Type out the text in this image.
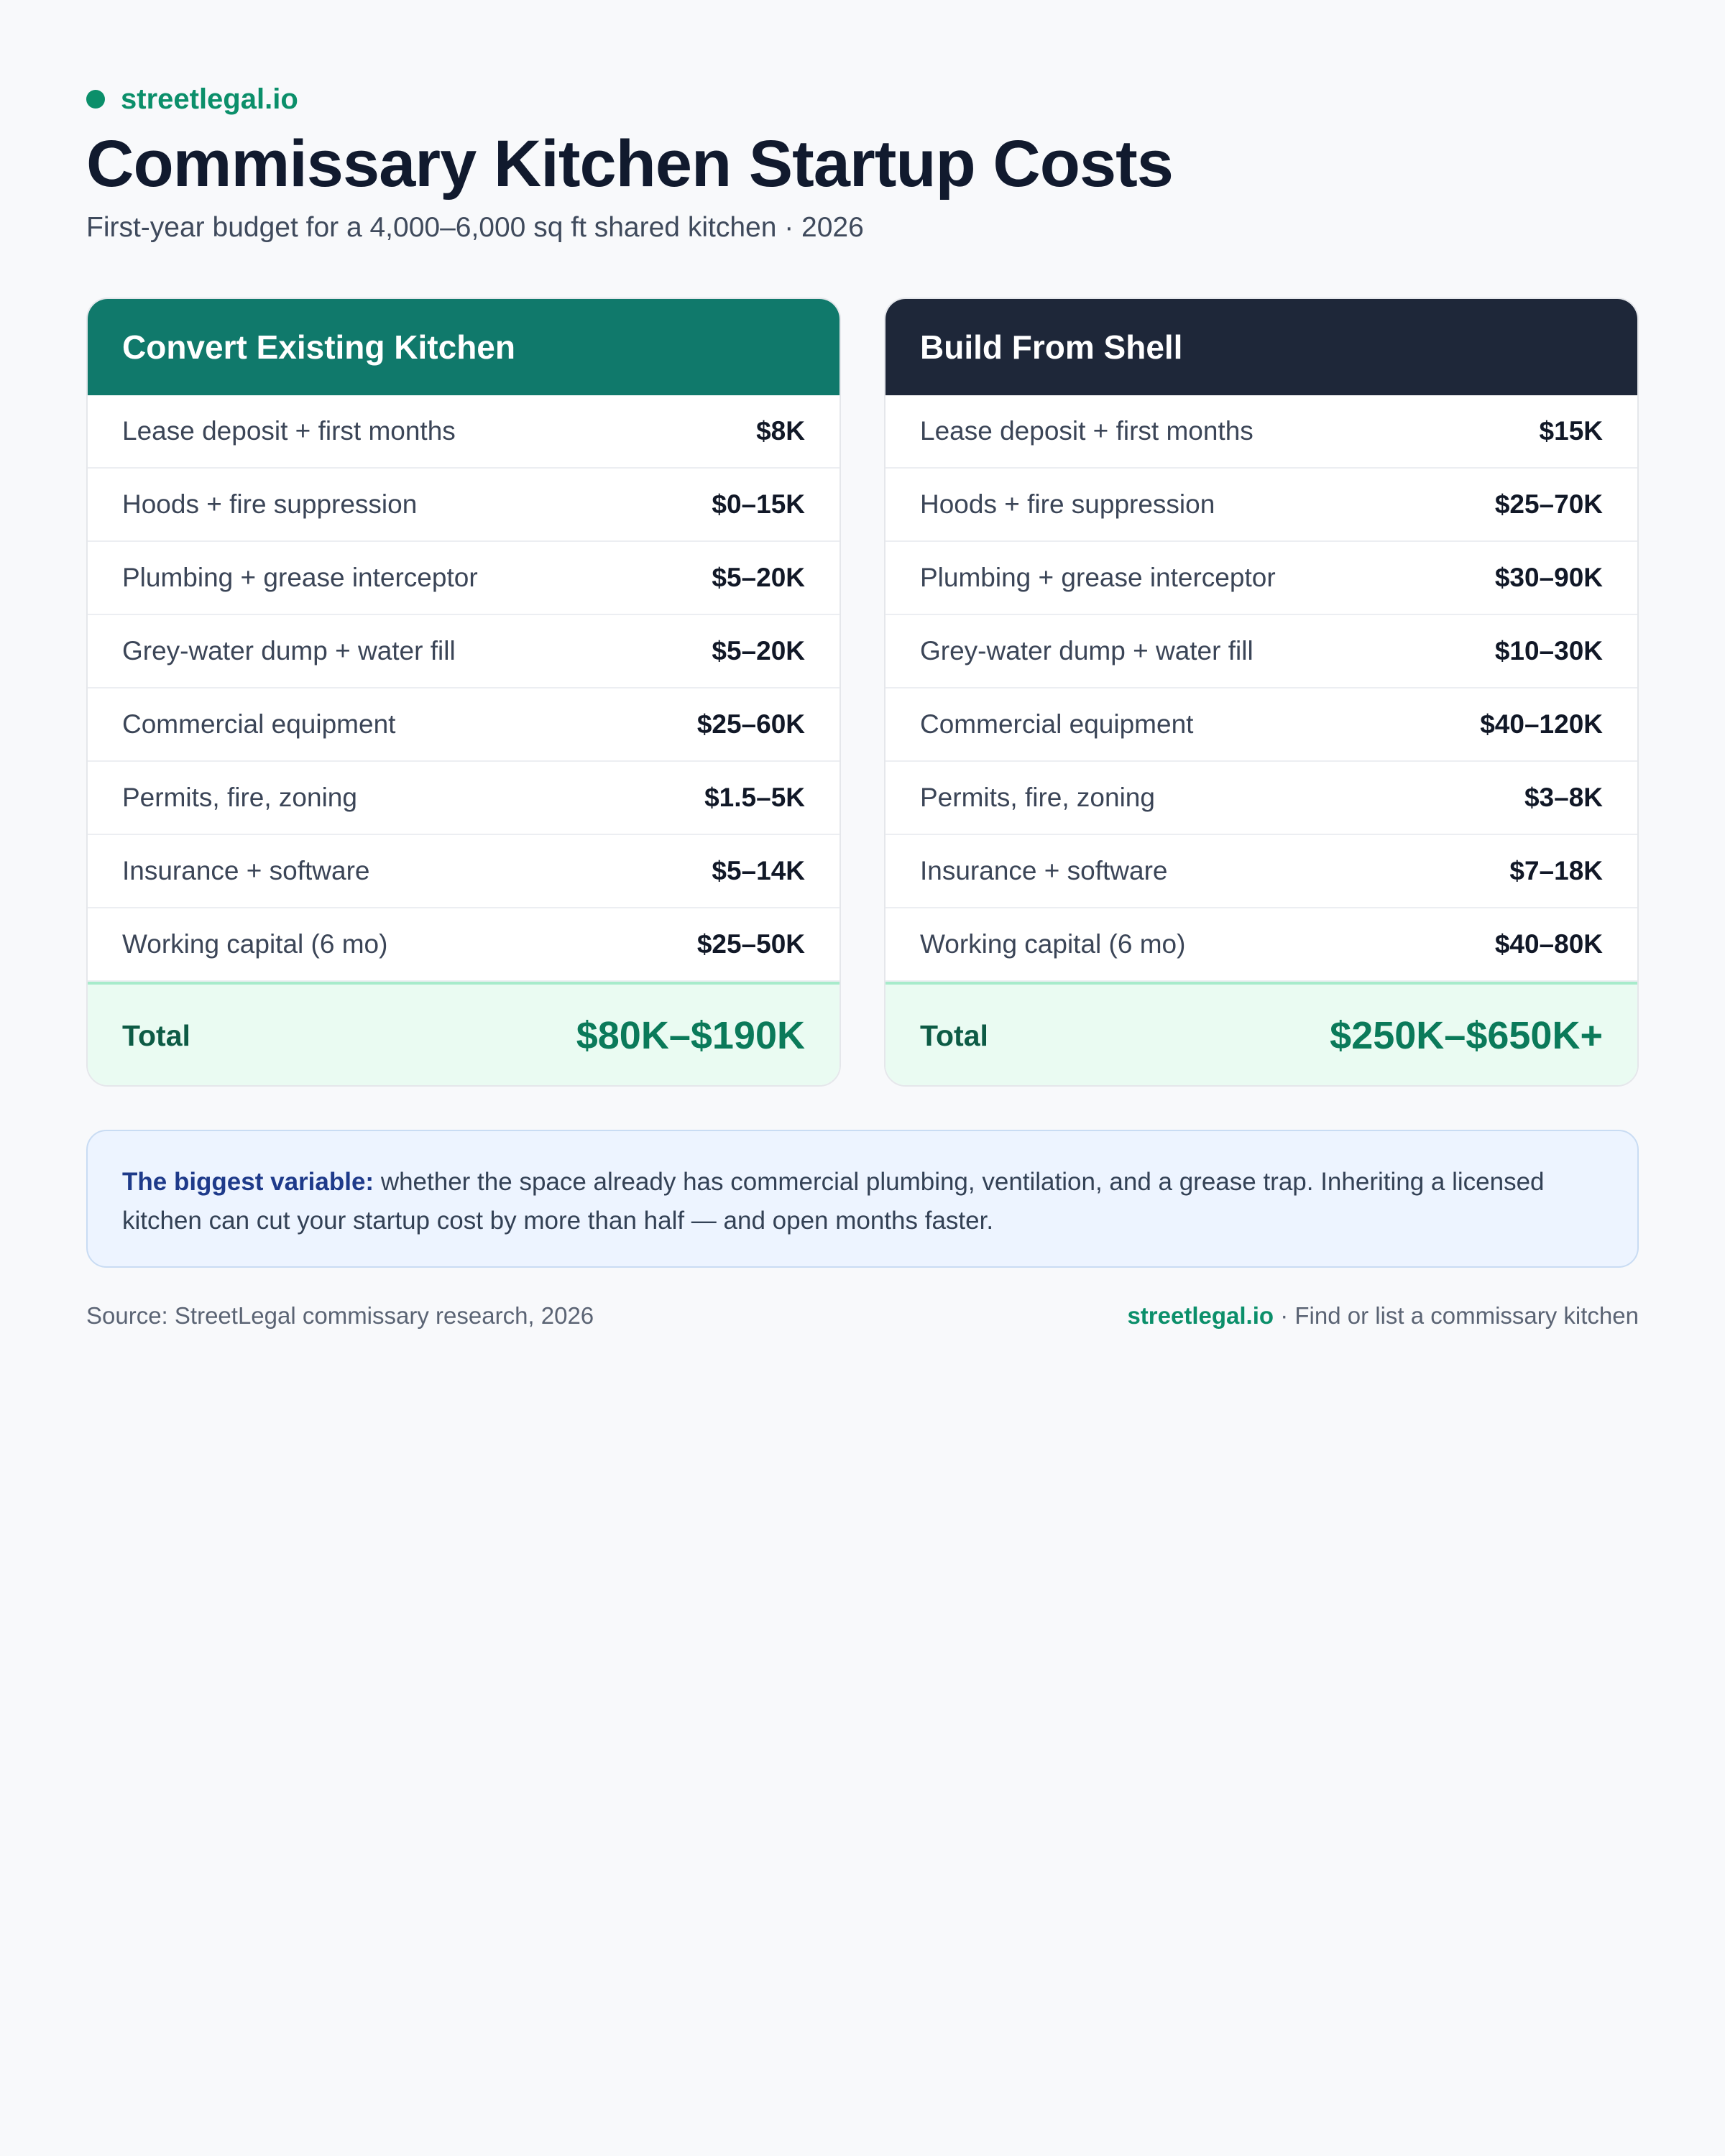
streetlegal.io
Commissary Kitchen Startup Costs
First-year budget for a 4,000–6,000 sq ft shared kitchen · 2026
Convert Existing Kitchen
Lease deposit + first months	$8K
Hoods + fire suppression	$0–15K
Plumbing + grease interceptor	$5–20K
Grey-water dump + water fill	$5–20K
Commercial equipment	$25–60K
Permits, fire, zoning	$1.5–5K
Insurance + software	$5–14K
Working capital (6 mo)	$25–50K
Total	$80K–$190K
Build From Shell
Lease deposit + first months	$15K
Hoods + fire suppression	$25–70K
Plumbing + grease interceptor	$30–90K
Grey-water dump + water fill	$10–30K
Commercial equipment	$40–120K
Permits, fire, zoning	$3–8K
Insurance + software	$7–18K
Working capital (6 mo)	$40–80K
Total	$250K–$650K+
The biggest variable: whether the space already has commercial plumbing, ventilation, and a grease trap. Inheriting a licensed kitchen can cut your startup cost by more than half — and open months faster.
Source: StreetLegal commissary research, 2026	streetlegal.io · Find or list a commissary kitchen
